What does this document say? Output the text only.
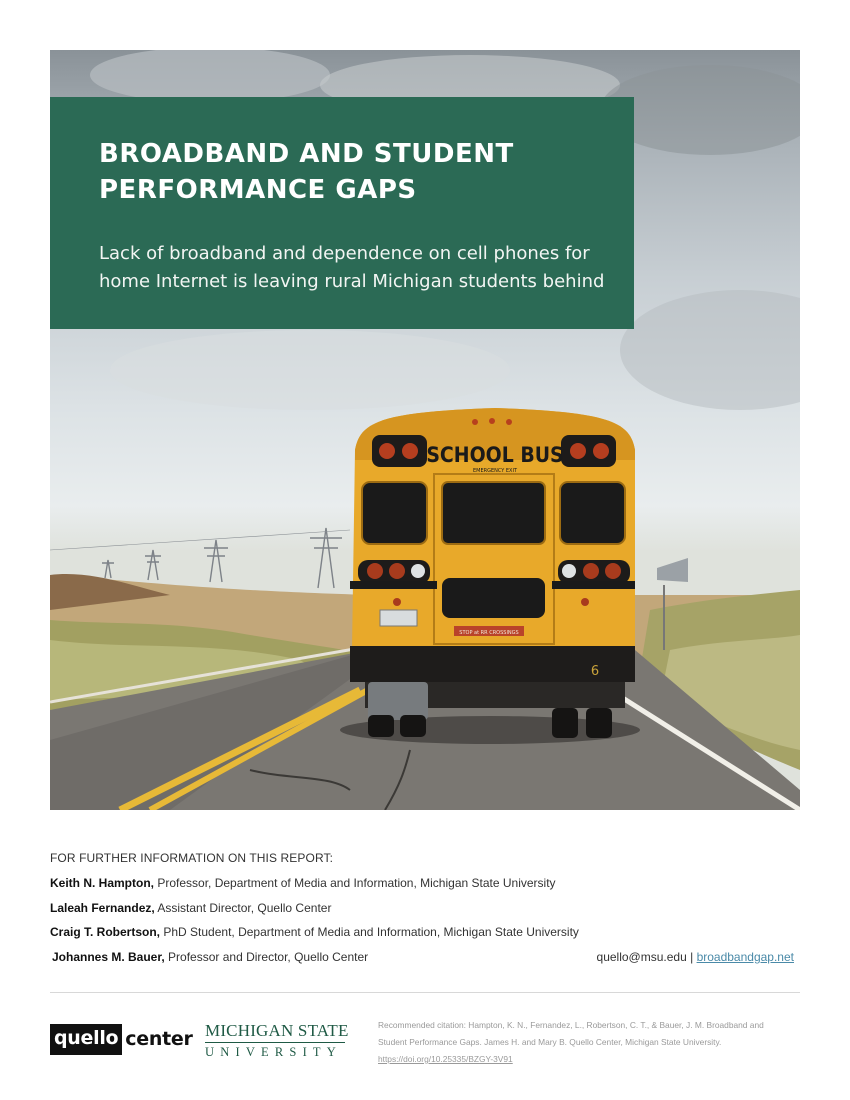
SCHOOL BUS
EMERGENCY EXIT
STOP at RR CROSSINGS
6
BROADBAND AND STUDENT
PERFORMANCE GAPS
Lack of broadband and dependence on cell phones for
home Internet is leaving rural Michigan students behind
FOR FURTHER INFORMATION ON THIS REPORT:
Keith N. Hampton, Professor, Department of Media and Information, Michigan State University
Laleah Fernandez, Assistant Director, Quello Center
Craig T. Robertson, PhD Student, Department of Media and Information, Michigan State University
Johannes M. Bauer, Professor and Director, Quello Center	quello@msu.edu | broadbandgap.net
quello center MICHIGAN STATE
UNIVERSITY
Recommended citation: Hampton, K. N., Fernandez, L., Robertson, C. T., & Bauer, J. M. Broadband and
Student Performance Gaps. James H. and Mary B. Quello Center, Michigan State University.
https://doi.org/10.25335/BZGY-3V91
